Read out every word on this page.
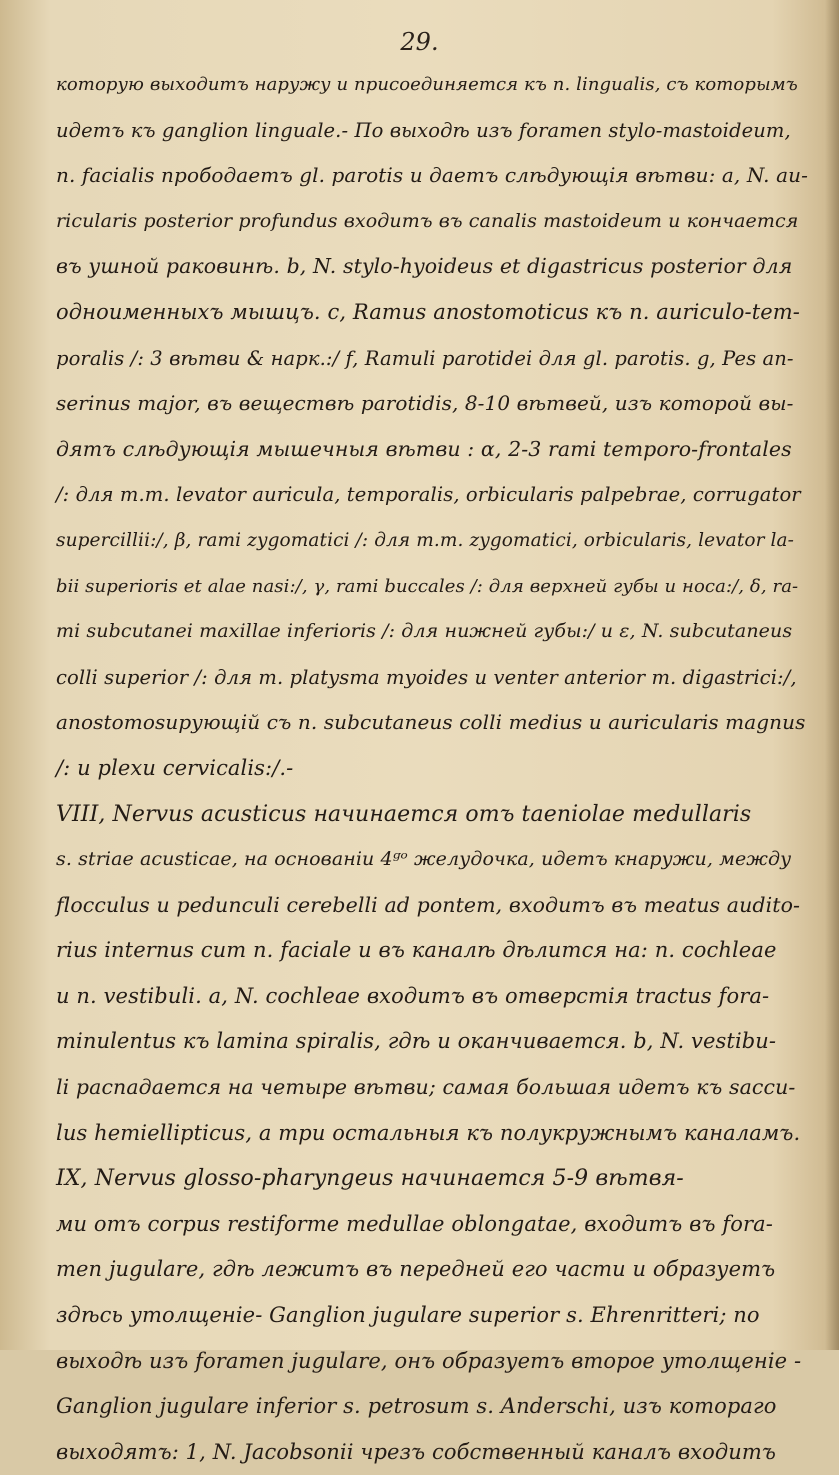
29.
которую выходитъ наружу и присоединяется къ n. lingualis, съ которымъ
идетъ къ ganglion linguale.- По выходѣ изъ foramen stylo-mastoideum,
n. facialis прободаетъ gl. parotis и даетъ слѣдующія вѣтви: a, N. au-
ricularis posterior profundus входитъ въ canalis mastoideum и кончается
въ ушной раковинѣ. b, N. stylo-hyoideus et digastricus posterior для
одноименныхъ мышцъ. c, Ramus anostomoticus къ n. auriculo-tem-
poralis /: 3 вѣтви & нарк.:/ f, Ramuli parotidei для gl. parotis. g, Pes an-
serinus major, въ веществѣ parotidis, 8-10 вѣтвей, изъ которой вы-
дятъ слѣдующія мышечныя вѣтви : α, 2-3 rami temporo-frontales
/: для m.m. levator auricula, temporalis, orbicularis palpebrae, corrugator
supercillii:/, β, rami zygomatici /: для m.m. zygomatici, orbicularis, levator la-
bii superioris et alae nasi:/, γ, rami buccales /: для верхней губы и носа:/, δ, ra-
mi subcutanei maxillae inferioris /: для нижней губы:/ и ε, N. subcutaneus
colli superior /: для m. platysma myoides и venter anterior m. digastrici:/,
anostomosирующій съ n. subcutaneus colli medius и auricularis magnus
/: и plexu cervicalis:/.-
VIII, Nervus acusticus начинается отъ taeniolae medullaris
s. striae acusticae, на основаніи 4ᵍᵒ желудочка, идетъ кнаружи, между
flocculus и pedunculi cerebelli ad pontem, входитъ въ meatus audito-
rius internus cum n. faciale и въ каналѣ дѣлится на: n. cochleae
и n. vestibuli. a, N. cochleae входитъ въ отверстія tractus fora-
minulentus къ lamina spiralis, гдѣ и оканчивается. b, N. vestibu-
li распадается на четыре вѣтви; самая большая идетъ къ saccu-
lus hemiellipticus, а три остальныя къ полукружнымъ каналамъ.
IX, Nervus glosso-pharyngeus начинается 5-9 вѣтвя-
ми отъ corpus restiforme medullae oblongatae, входитъ въ fora-
men jugulare, гдѣ лежитъ въ передней его части и образуетъ
здѣсь утолщеніе- Ganglion jugulare superior s. Ehrenritteri; по
выходѣ изъ foramen jugulare, онъ образуетъ второе утолщеніе -
Ganglion jugulare inferior s. petrosum s. Anderschi, изъ котораго
выходятъ: 1, N. Jacobsonii чрезъ собственный каналъ входитъ
